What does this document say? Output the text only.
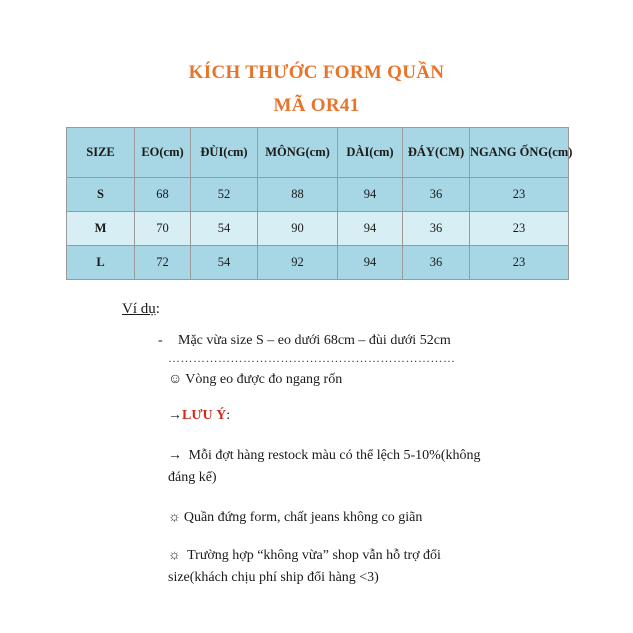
KÍCH THƯỚC FORM QUẦN
MÃ OR41
SIZE	EO(cm)	ĐÙI(cm)	MÔNG(cm)	DÀI(cm)	ĐÁY(CM)	NGANG ỐNG(cm)
S	68	52	88	94	36	23
M	70	54	90	94	36	23
L	72	54	92	94	36	23
Ví dụ:
- Mặc vừa size S – eo dưới 68cm – đùi dưới 52cm
……………………………………………………………
☺ Vòng eo được đo ngang rốn
→LƯU Ý:
→ Mỗi đợt hàng restock màu có thể lệch 5-10%(không
đáng kể)
☼ Quần đứng form, chất jeans không co giãn
☼ Trường hợp “không vừa” shop vẫn hỗ trợ đổi
size(khách chịu phí ship đổi hàng <3)
